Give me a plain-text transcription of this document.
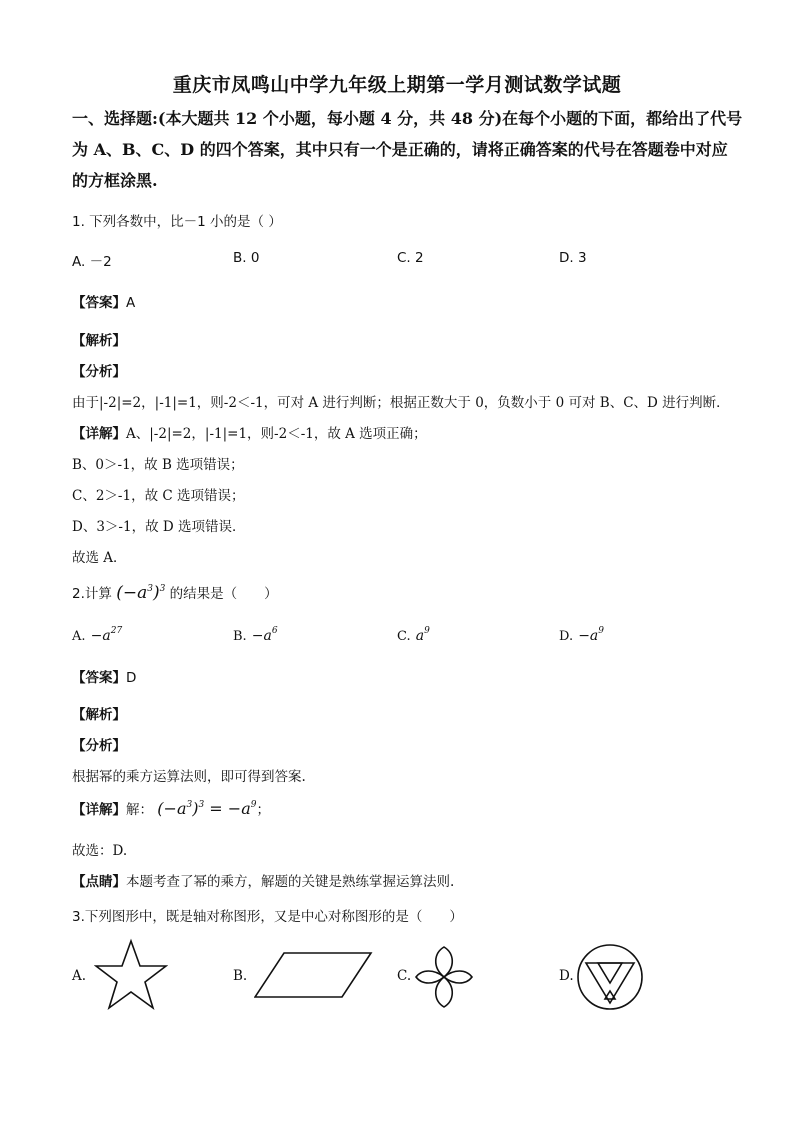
重庆市凤鸣山中学九年级上期第一学月测试数学试题
一、选择题:(本大题共 12 个小题，每小题 4 分，共 48 分)在每个小题的下面，都给出了代号
为 A、B、C、D 的四个答案，其中只有一个是正确的，请将正确答案的代号在答题卷中对应
的方框涂黑.
1. 下列各数中，比－1 小的是（ ）
A. －2	B. 0	C. 2	D. 3
【答案】A
【解析】
【分析】
由于|-2|=2，|-1|=1，则-2＜-1，可对 A 进行判断；根据正数大于 0，负数小于 0 可对 B、C、D 进行判断．
【详解】A、|-2|=2，|-1|=1，则-2＜-1，故 A 选项正确；
B、0＞-1，故 B 选项错误；
C、2＞-1，故 C 选项错误；
D、3＞-1，故 D 选项错误．
故选 A．
2.计算 $(-a^3)^3$ 的结果是（　　）
A. $-a^{27}$	B. $-a^6$	C. $a^9$	D. $-a^9$
【答案】D
【解析】
【分析】
根据幂的乘方运算法则，即可得到答案.
【详解】解： $(-a^3)^3 = -a^9$；
故选：D.
【点睛】本题考查了幂的乘方，解题的关键是熟练掌握运算法则.
3.下列图形中，既是轴对称图形，又是中心对称图形的是（　　）
A.	B.	C.	D.
